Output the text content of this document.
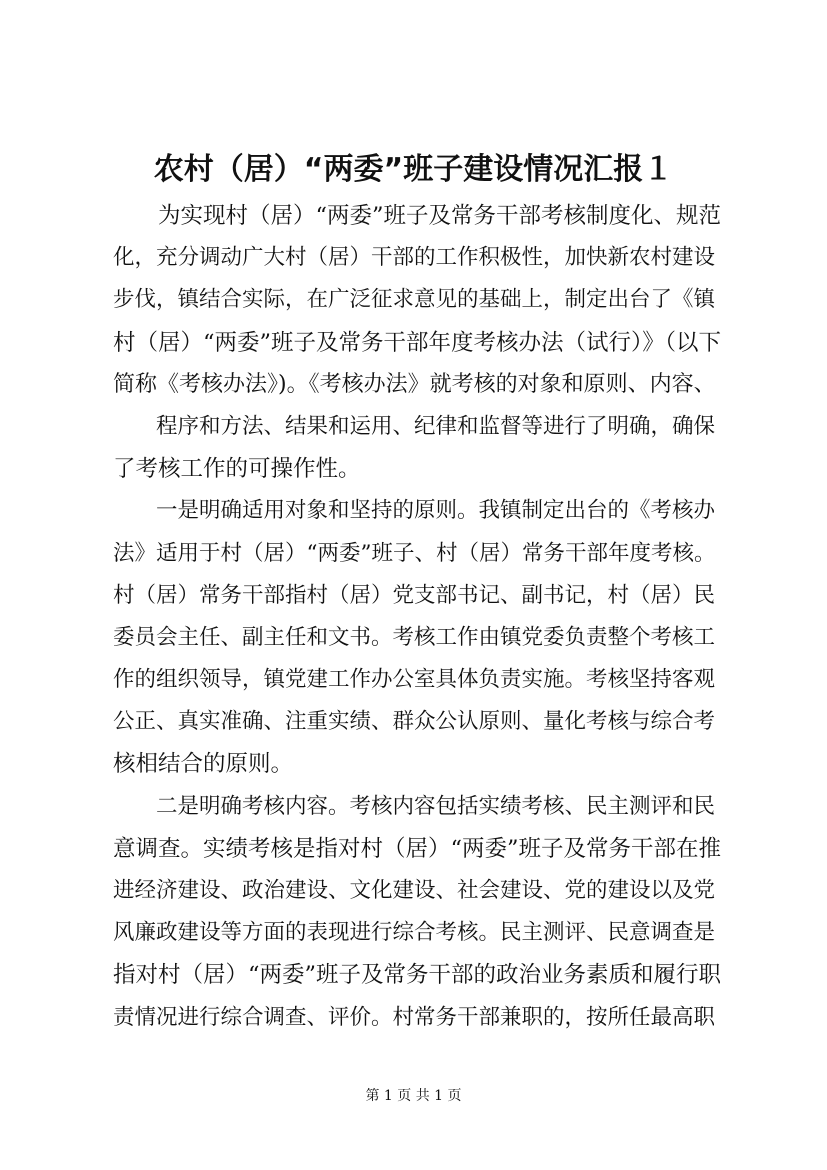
农村（居）“两委”班子建设情况汇报１
　　为实现村（居）“两委”班子及常务干部考核制度化、规范
化，充分调动广大村（居）干部的工作积极性，加快新农村建设
步伐，镇结合实际，在广泛征求意见的基础上，制定出台了《镇
村（居）“两委”班子及常务干部年度考核办法（试行）》（以下
简称《考核办法》)。《考核办法》就考核的对象和原则、内容、
　　程序和方法、结果和运用、纪律和监督等进行了明确，确保
了考核工作的可操作性。
　　一是明确适用对象和坚持的原则。我镇制定出台的《考核办
法》适用于村（居）“两委”班子、村（居）常务干部年度考核。
村（居）常务干部指村（居）党支部书记、副书记，村（居）民
委员会主任、副主任和文书。考核工作由镇党委负责整个考核工
作的组织领导，镇党建工作办公室具体负责实施。考核坚持客观
公正、真实准确、注重实绩、群众公认原则、量化考核与综合考
核相结合的原则。
　　二是明确考核内容。考核内容包括实绩考核、民主测评和民
意调查。实绩考核是指对村（居）“两委”班子及常务干部在推
进经济建设、政治建设、文化建设、社会建设、党的建设以及党
风廉政建设等方面的表现进行综合考核。民主测评、民意调查是
指对村（居）“两委”班子及常务干部的政治业务素质和履行职
责情况进行综合调查、评价。村常务干部兼职的，按所任最高职
第 1 页 共 1 页
